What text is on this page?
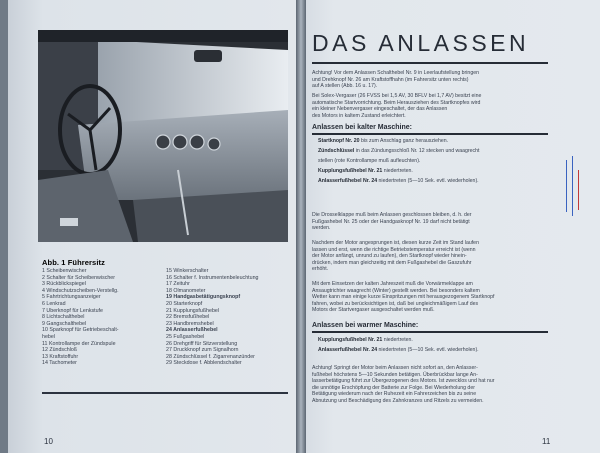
Abb. 1 Führersitz
1 Scheibenwischer
2 Schalter für Scheibenwischer
3 Rückblickspiegel
4 Windschutzscheiben-Verstellg.
5 Fahrtrichtungsanzeiger
6 Lenkrad
7 Überknopf für Lenkstufe
8 Lichtschalthebel
9 Gangschalthebel
10 Sparknopf für Getriebeschalt-
hebel
11 Kontrollampe der Zündspule
12 Zündschloß
13 Kraftstoffuhr
14 Tachometer
15 Winkerschalter
16 Schalter f. Instrumentenbeleuchtung
17 Zeituhr
18 Ölmanometer
19 Handgasbetätigungsknopf
20 Starterknopf
21 Kupplungsfußhebel
22 Bremsfußhebel
23 Handbremshebel
24 Anlasserfußhebel
25 Fußgashebel
26 Drehgriff für Sitzverstellung
27 Druckknopf zum Signalhorn
28 Zündschlüssel f. Zigarrenanzünder
29 Steckdose f. Abblendschalter
10
DAS ANLASSEN
Achtung! Vor dem Anlassen Schalthebel Nr. 9 in Leerlaufstellung bringen
und Drehknopf Nr. 26 am Kraftstoffhahn (im Fahrersitz unten rechts)
auf A stellen (Abb. 16 u. 17).
Bei Solex-Vergaser (26 FVSS bei 1,5 AV, 30 BFLV bei 1,7 AV) besitzt eine
automatische Startvorrichtung. Beim Herausziehen des Startknopfes wird
ein kleiner Nebenvergaser eingeschaltet, der das Anlassen
des Motors in kaltem Zustand erleichtert.
Anlassen bei kalter Maschine:
Startknopf Nr. 20 bis zum Anschlag ganz herausziehen.
Zündschlüssel in das Zündungsschloß Nr. 12 stecken und waagrecht
stellen (rote Kontrollampe muß aufleuchten).
Kupplungsfußhebel Nr. 21 niedertreten.
Anlasserfußhebel Nr. 24 niedertreten (5—10 Sek. evtl. wiederholen).
Die Drosselklappe muß beim Anlassen geschlossen bleiben, d. h. der
Fußgashebel Nr. 25 oder der Handgasknopf Nr. 19 darf nicht betätigt
werden.
Nachdem der Motor angesprungen ist, diesen kurze Zeit im Stand laufen
lassen und erst, wenn die richtige Betriebstemperatur erreicht ist (wenn
der Motor anfängt, unrund zu laufen), den Startknopf wieder hinein-
drücken, indem man gleichzeitig mit dem Fußgashebel die Gaszufuhr
erhöht.
Mit dem Einsetzen der kalten Jahreszeit muß die Vorwärmeklappe am
Ansaugtrichter waagrecht (Winter) gestellt werden. Bei besonders kaltem
Wetter kann man einige kurze Einspritzungen mit herausgezogenem Startknopf
fahren, wobei zu berücksichtigen ist, daß bei ungleichmäßigem Lauf des
Motors der Startvergaser ausgeschaltet werden muß.
Anlassen bei warmer Maschine:
Kupplungsfußhebel Nr. 21 niedertreten.
Anlasserfußhebel Nr. 24 niedertreten (5—10 Sek. evtl. wiederholen).
Achtung! Springt der Motor beim Anlassen nicht sofort an, den Anlasser-
fußhebel höchstens 5—10 Sekunden betätigen. Überbrückbar lange An-
lasserbetätigung führt zur Übergezogenen des Motors. Ist zwecklos und hat nur
die unnötige Erschöpfung der Batterie zur Folge. Bei Wiederholung der
Betätigung wiederum nach der Ruhezeit ein Fahrerzeichen bis zu seine
Abnutzung und Beschädigung des Zahnkranzes und Ritzels zu vermeiden.
11
